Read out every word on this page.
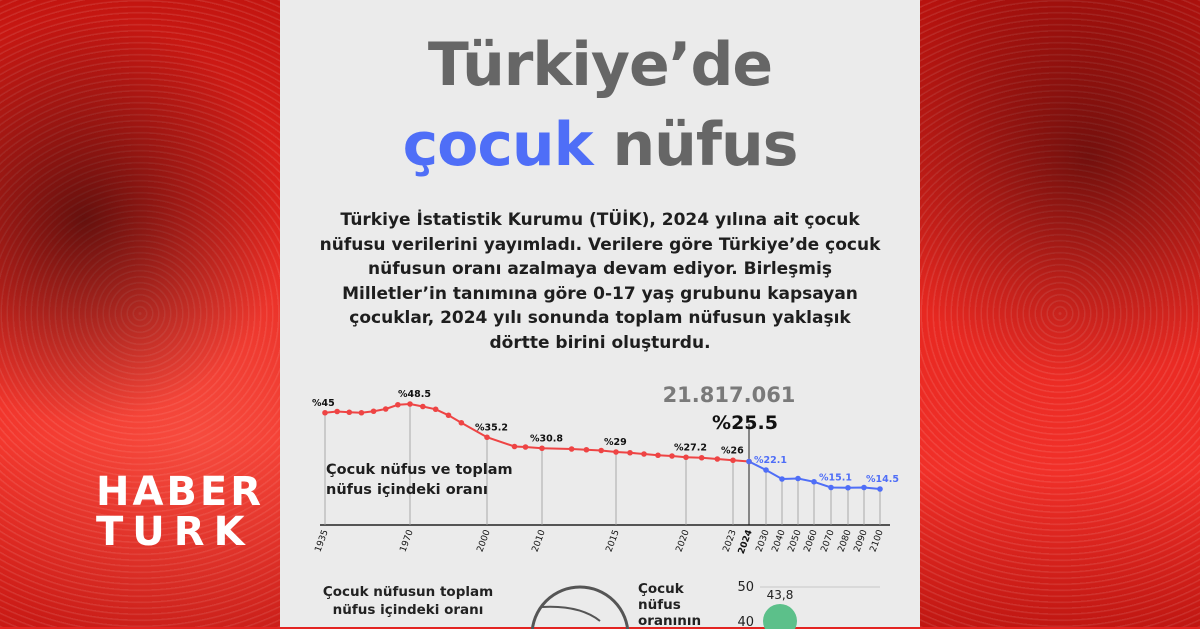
HABER
TURK
Türkiye’de
çocuk nüfus
Türkiye İstatistik Kurumu (TÜİK), 2024 yılına ait çocuk nüfusu verilerini yayımladı. Verilere göre Türkiye’de çocuk nüfusun oranı azalmaya devam ediyor. Birleşmiş Milletler’in tanımına göre 0-17 yaş grubunu kapsayan çocuklar, 2024 yılı sonunda toplam nüfusun yaklaşık dörtte birini oluşturdu.
%45
%48.5
%35.2
%30.8	%29	%27.2 %26
%22.1
%15.1 %14.5
1935	1970	2000	2010	2015	2020	2023
2024 2030
2040
2050
2060 2070 2080
2090
2100
21.817.061
%25.5
Çocuk nüfus ve toplam nüfus içindeki oranı
50
40
43,8
Çocuk nüfusun toplam nüfus içindeki oranı
Çocuk nüfus oranının
